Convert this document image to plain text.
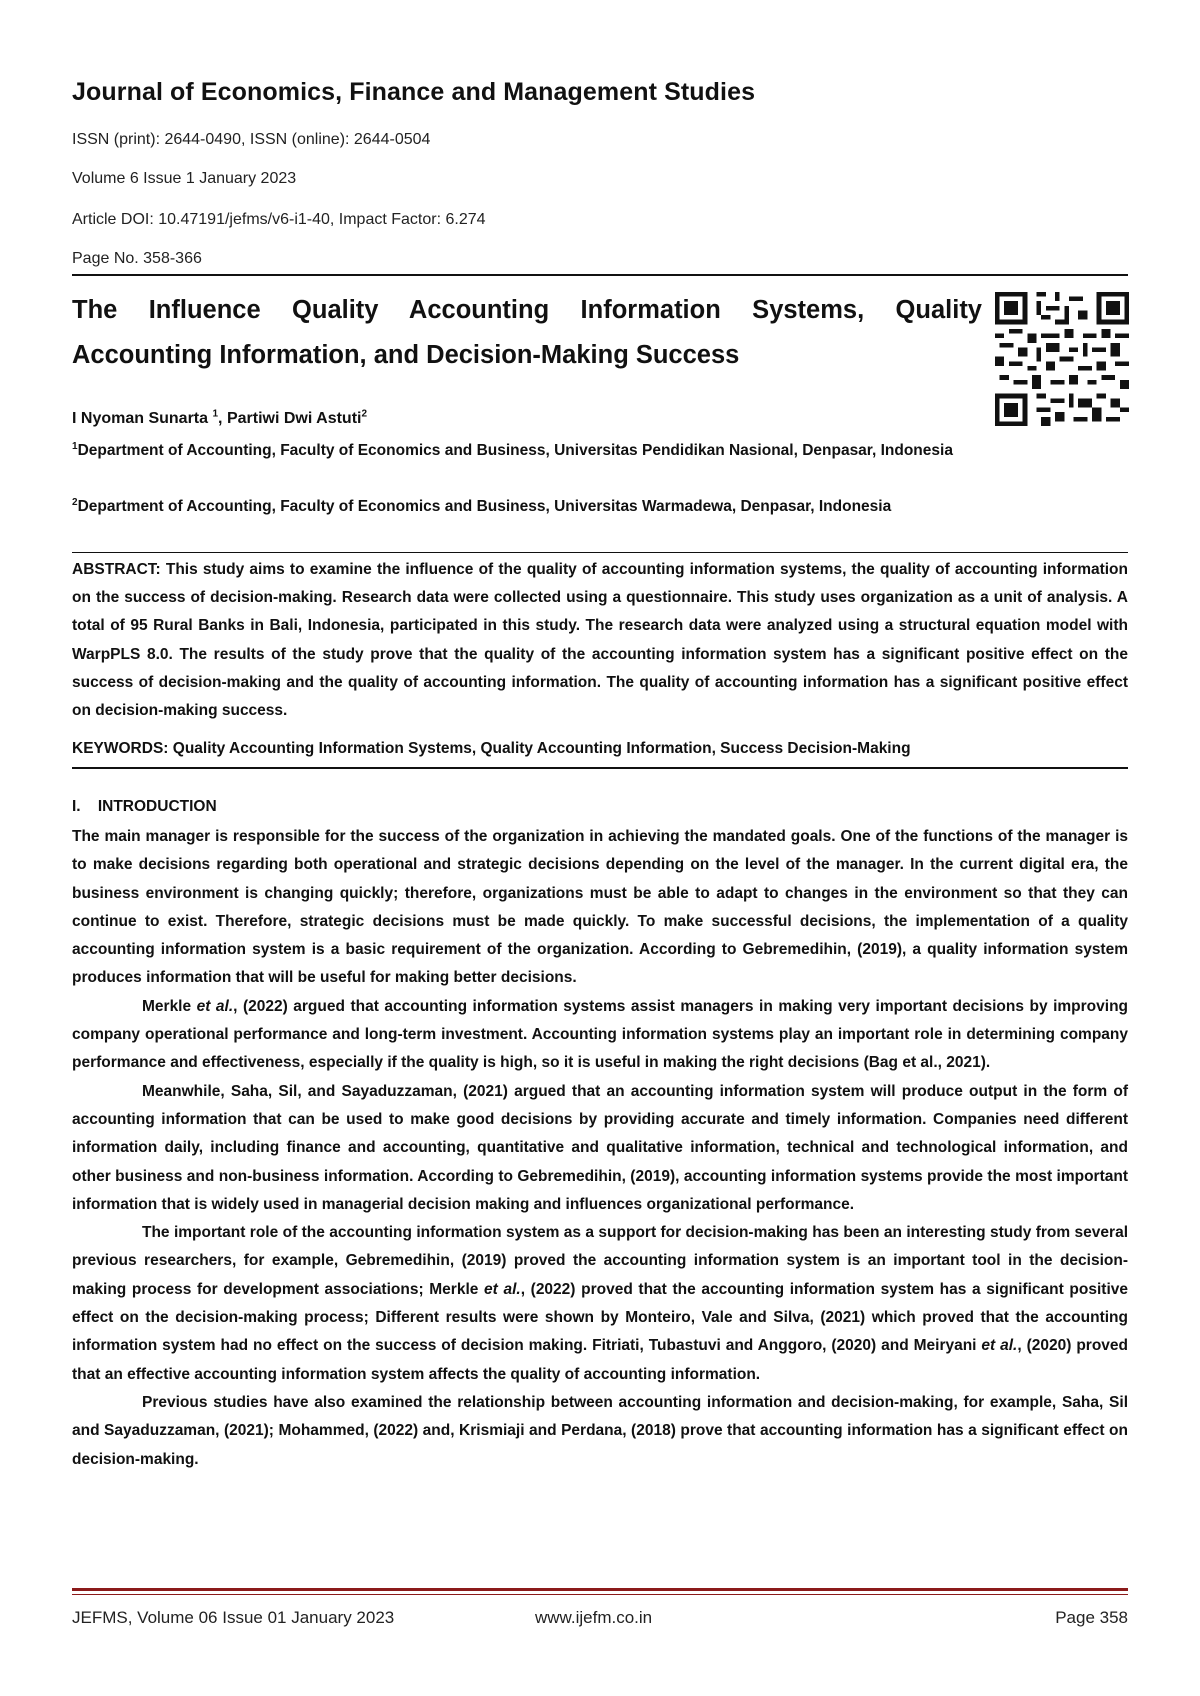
Journal of Economics, Finance and Management Studies
ISSN (print): 2644-0490, ISSN (online): 2644-0504
Volume 6 Issue 1 January 2023
Article DOI: 10.47191/jefms/v6-i1-40, Impact Factor: 6.274
Page No. 358-366
The Influence Quality Accounting Information Systems, Quality
Accounting Information, and Decision-Making Success
I Nyoman Sunarta $^1$, Partiwi Dwi Astuti$^2$
$^1$Department of Accounting, Faculty of Economics and Business, Universitas Pendidikan Nasional, Denpasar, Indonesia
$^2$Department of Accounting, Faculty of Economics and Business, Universitas Warmadewa, Denpasar, Indonesia
ABSTRACT: This study aims to examine the influence of the quality of accounting information systems, the quality of accounting information on the success of decision-making. Research data were collected using a questionnaire. This study uses organization as a unit of analysis. A total of 95 Rural Banks in Bali, Indonesia, participated in this study. The research data were analyzed using a structural equation model with WarpPLS 8.0. The results of the study prove that the quality of the accounting information system has a significant positive effect on the success of decision-making and the quality of accounting information. The quality of accounting information has a significant positive effect on decision-making success.
KEYWORDS: Quality Accounting Information Systems, Quality Accounting Information, Success Decision-Making
I.    INTRODUCTION

The main manager is responsible for the success of the organization in achieving the mandated goals. One of the functions of the manager is to make decisions regarding both operational and strategic decisions depending on the level of the manager. In the current digital era, the business environment is changing quickly; therefore, organizations must be able to adapt to changes in the environment so that they can continue to exist. Therefore, strategic decisions must be made quickly. To make successful decisions, the implementation of a quality accounting information system is a basic requirement of the organization. According to Gebremedihin, (2019), a quality information system produces information that will be useful for making better decisions.

Merkle et al., (2022) argued that accounting information systems assist managers in making very important decisions by improving company operational performance and long-term investment. Accounting information systems play an important role in determining company performance and effectiveness, especially if the quality is high, so it is useful in making the right decisions (Bag et al., 2021).

Meanwhile, Saha, Sil, and Sayaduzzaman, (2021) argued that an accounting information system will produce output in the form of accounting information that can be used to make good decisions by providing accurate and timely information. Companies need different information daily, including finance and accounting, quantitative and qualitative information, technical and technological information, and other business and non-business information. According to Gebremedihin, (2019), accounting information systems provide the most important information that is widely used in managerial decision making and influences organizational performance.

The important role of the accounting information system as a support for decision-making has been an interesting study from several previous researchers, for example, Gebremedihin, (2019) proved the accounting information system is an important tool in the decision-making process for development associations; Merkle et al., (2022) proved that the accounting information system has a significant positive effect on the decision-making process; Different results were shown by Monteiro, Vale and Silva, (2021) which proved that the accounting information system had no effect on the success of decision making. Fitriati, Tubastuvi and Anggoro, (2020) and Meiryani et al., (2020) proved that an effective accounting information system affects the quality of accounting information.

Previous studies have also examined the relationship between accounting information and decision-making, for example, Saha, Sil and Sayaduzzaman, (2021); Mohammed, (2022) and, Krismiaji and Perdana, (2018) prove that accounting information has a significant effect on decision-making.

JEFMS, Volume 06 Issue 01 January 2023	www.ijefm.co.in	Page 358
